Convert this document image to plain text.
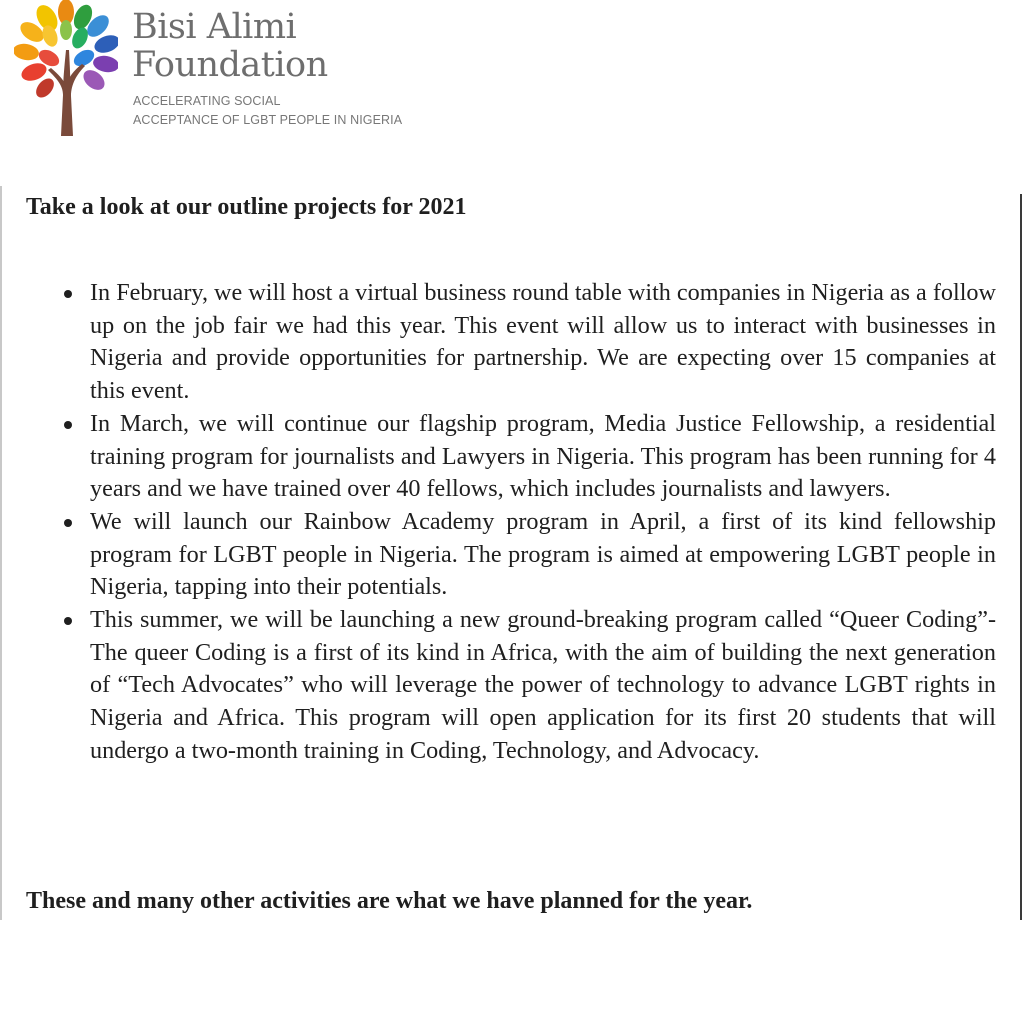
Bisi Alimi
Foundation
ACCELERATING SOCIAL
ACCEPTANCE OF LGBT PEOPLE IN NIGERIA
Take a look at our outline projects for 2021
In February, we will host a virtual business round table with companies in Nigeria as a follow up on the job fair we had this year. This event will allow us to interact with businesses in Nigeria and provide opportunities for partnership. We are expecting over 15 companies at this event.
In March, we will continue our flagship program, Media Justice Fellowship, a residential training program for journalists and Lawyers in Nigeria. This program has been running for 4 years and we have trained over 40 fellows, which includes journalists and lawyers.
We will launch our Rainbow Academy program in April, a first of its kind fellowship program for LGBT people in Nigeria. The program is aimed at empowering LGBT people in Nigeria, tapping into their potentials.
This summer, we will be launching a new ground-breaking program called “Queer Coding”- The queer Coding is a first of its kind in Africa, with the aim of building the next generation of “Tech Advocates” who will leverage the power of technology to advance LGBT rights in Nigeria and Africa. This program will open application for its first 20 students that will undergo a two-month training in Coding, Technology, and Advocacy.

These and many other activities are what we have planned for the year.
